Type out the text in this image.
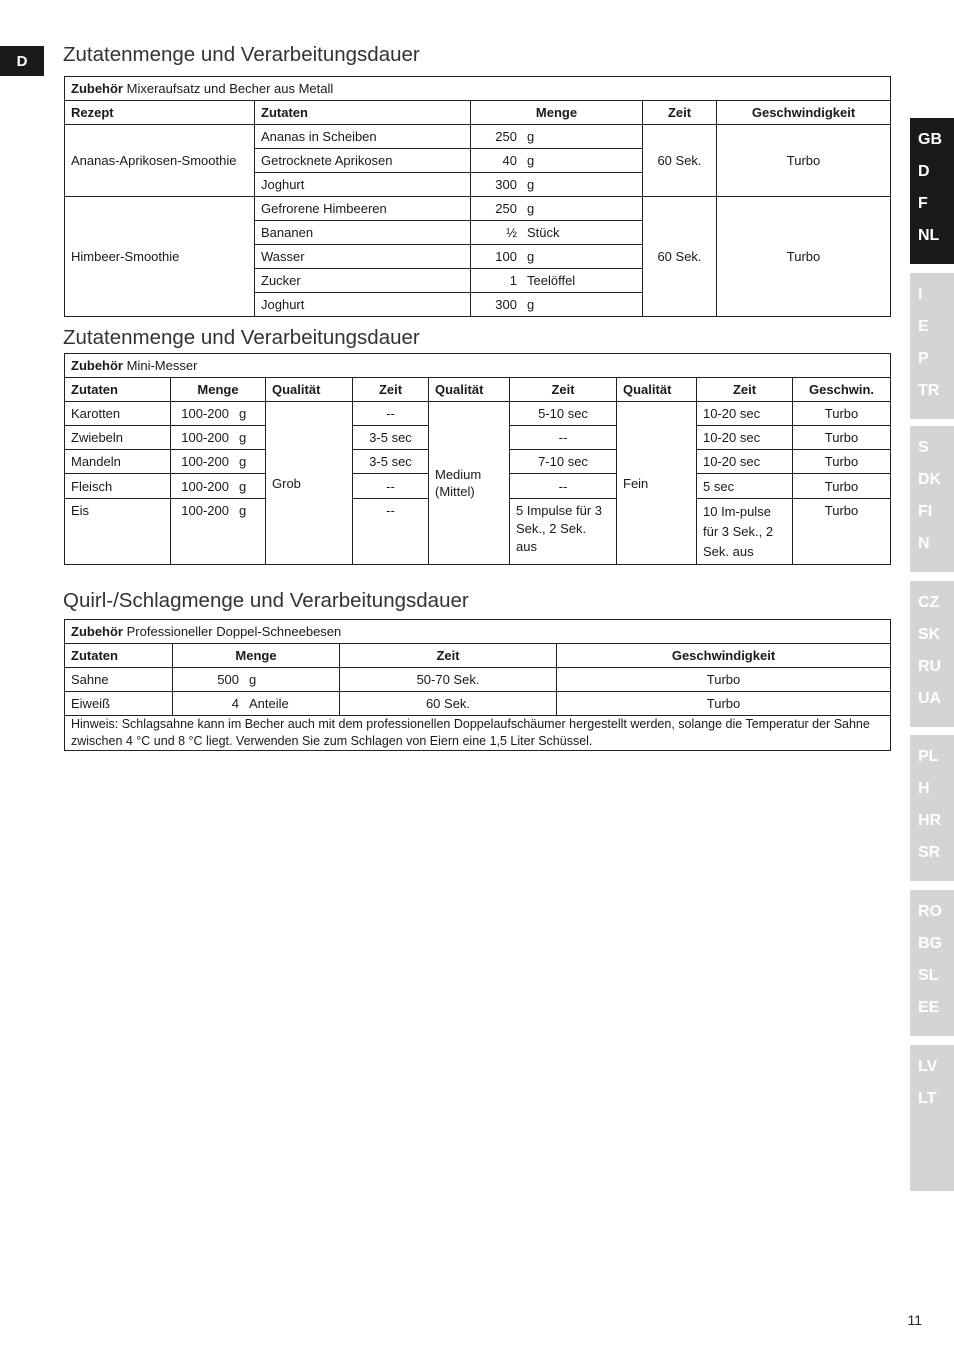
D	Zutatenmenge und Verarbeitungsdauer
Zubehör Mixeraufsatz und Becher aus Metall				
Rezept	Zutaten	Menge	Zeit	Geschwindigkeit
Ananas-Aprikosen-Smoothie	Ananas in Scheiben	250 g	60 Sek.	Turbo
	Getrocknete Aprikosen	40 g		
	Joghurt	300 g		
Himbeer-Smoothie	Gefrorene Himbeeren	250 g	60 Sek.	Turbo
	Bananen	½ Stück		
	Wasser	100 g		
	Zucker	1 Teelöffel		
	Joghurt	300 g		
Zutatenmenge und Verarbeitungsdauer
Zubehör Mini-Messer								
Zutaten	Menge	Qualität	Zeit	Qualität	Zeit	Qualität	Zeit	Geschwin.
Karotten	100-200 g	Grob	--	Medium (Mittel)	5-10 sec	Fein	10-20 sec	Turbo
Zwiebeln	100-200 g		3-5 sec		--		10-20 sec	Turbo
Mandeln	100-200 g		3-5 sec		7-10 sec		10-20 sec	Turbo
Fleisch	100-200 g		--		--		5 sec	Turbo
Eis	100-200 g		--		5 Impulse für 3 Sek., 2 Sek. aus		10 Im-pulse für 3 Sek., 2 Sek. aus	Turbo
Quirl-/Schlagmenge und Verarbeitungsdauer
Zubehör Professioneller Doppel-Schneebesen			
Zutaten	Menge	Zeit	Geschwindigkeit
Sahne	500 g	50-70 Sek.	Turbo
Eiweiß	4 Anteile	60 Sek.	Turbo
Hinweis: Schlagsahne kann im Becher auch mit dem professionellen Doppelaufschäumer hergestellt werden, solange die Temperatur der Sahne zwischen 4 °C und 8 °C liegt. Verwenden Sie zum Schlagen von Eiern eine 1,5 Liter Schüssel.			
GB
D
F
NL
I
E
P
TR
S
DK
FI
N
CZ
SK
RU
UA
PL
H
HR
SR
RO
BG
SL
EE
LV
LT
11
